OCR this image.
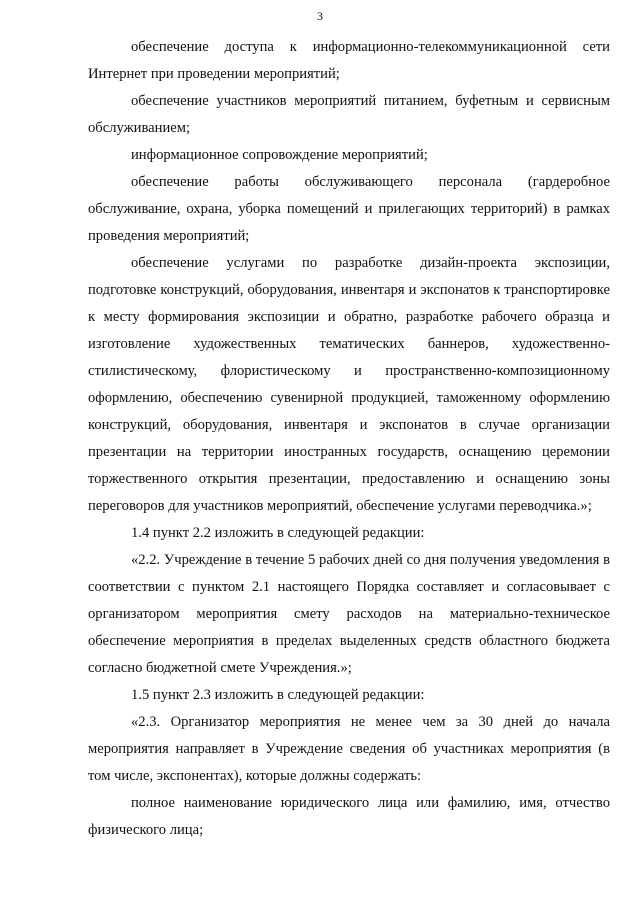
3

обеспечение доступа к информационно-телекоммуникационной сети Интернет при проведении мероприятий;

обеспечение участников мероприятий питанием, буфетным и сервисным обслуживанием;

информационное сопровождение мероприятий;

обеспечение работы обслуживающего персонала (гардеробное обслуживание, охрана, уборка помещений и прилегающих территорий) в рамках проведения мероприятий;

обеспечение услугами по разработке дизайн-проекта экспозиции, подготовке конструкций, оборудования, инвентаря и экспонатов к транспортировке к месту формирования экспозиции и обратно, разработке рабочего образца и изготовление художественных тематических баннеров, художественно-стилистическому, флористическому и пространственно-композиционному оформлению, обеспечению сувенирной продукцией, таможенному оформлению конструкций, оборудования, инвентаря и экспонатов в случае организации презентации на территории иностранных государств, оснащению церемонии торжественного открытия презентации, предоставлению и оснащению зоны переговоров для участников мероприятий, обеспечение услугами переводчика.»;

1.4 пункт 2.2 изложить в следующей редакции:

«2.2. Учреждение в течение 5 рабочих дней со дня получения уведомления в соответствии с пунктом 2.1 настоящего Порядка составляет и согласовывает с организатором мероприятия смету расходов на материально-техническое обеспечение мероприятия в пределах выделенных средств областного бюджета согласно бюджетной смете Учреждения.»;

1.5 пункт 2.3 изложить в следующей редакции:

«2.3. Организатор мероприятия не менее чем за 30 дней до начала мероприятия направляет в Учреждение сведения об участниках мероприятия (в том числе, экспонентах), которые должны содержать:

полное наименование юридического лица или фамилию, имя, отчество физического лица;
